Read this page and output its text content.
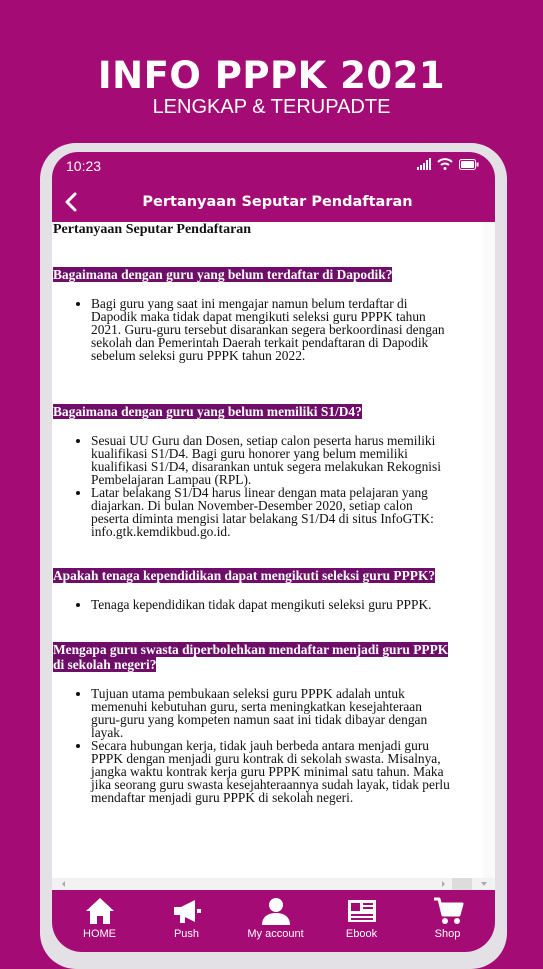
INFO PPPK 2021
LENGKAP & TERUPADTE
10:23
Pertanyaan Seputar Pendaftaran
Pertanyaan Seputar Pendaftaran
Bagaimana dengan guru yang belum terdaftar di Dapodik?
• Bagi guru yang saat ini mengajar namun belum terdaftar di Dapodik maka tidak dapat mengikuti seleksi guru PPPK tahun 2021. Guru-guru tersebut disarankan segera berkoordinasi dengan sekolah dan Pemerintah Daerah terkait pendaftaran di Dapodik sebelum seleksi guru PPPK tahun 2022.
Bagaimana dengan guru yang belum memiliki S1/D4?
• Sesuai UU Guru dan Dosen, setiap calon peserta harus memiliki kualifikasi S1/D4. Bagi guru honorer yang belum memiliki kualifikasi S1/D4, disarankan untuk segera melakukan Rekognisi Pembelajaran Lampau (RPL).
• Latar belakang S1/D4 harus linear dengan mata pelajaran yang diajarkan. Di bulan November-Desember 2020, setiap calon peserta diminta mengisi latar belakang S1/D4 di situs InfoGTK: info.gtk.kemdikbud.go.id.
Apakah tenaga kependidikan dapat mengikuti seleksi guru PPPK?
• Tenaga kependidikan tidak dapat mengikuti seleksi guru PPPK.
Mengapa guru swasta diperbolehkan mendaftar menjadi guru PPPK di sekolah negeri?
• Tujuan utama pembukaan seleksi guru PPPK adalah untuk memenuhi kebutuhan guru, serta meningkatkan kesejahteraan guru-guru yang kompeten namun saat ini tidak dibayar dengan layak.
• Secara hubungan kerja, tidak jauh berbeda antara menjadi guru PPPK dengan menjadi guru kontrak di sekolah swasta. Misalnya, jangka waktu kontrak kerja guru PPPK minimal satu tahun. Maka jika seorang guru swasta kesejahteraannya sudah layak, tidak perlu mendaftar menjadi guru PPPK di sekolah negeri.
HOME	Push	My account	Ebook	Shop
